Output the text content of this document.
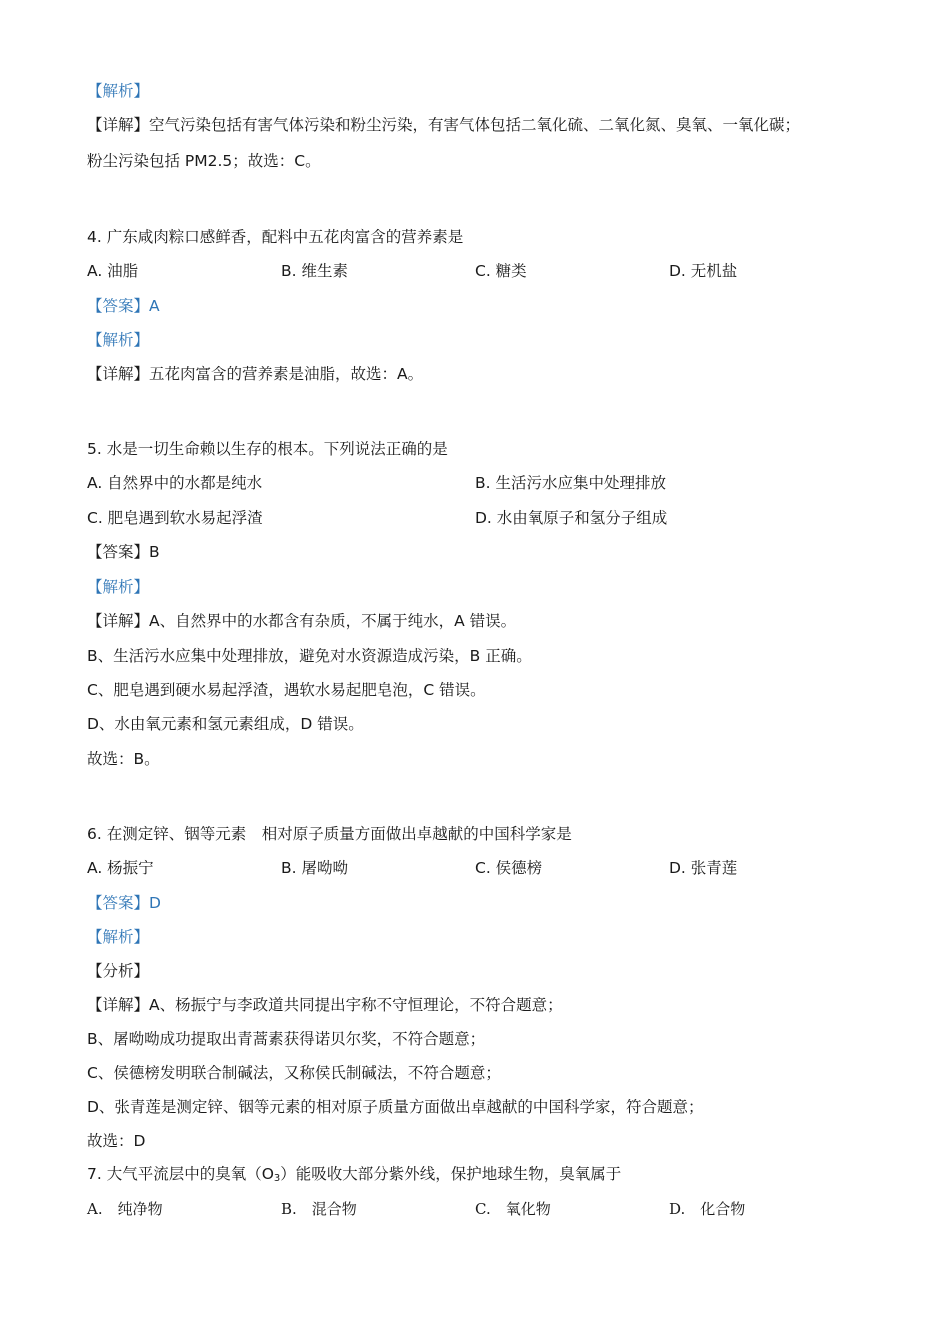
【解析】
【详解】空气污染包括有害气体污染和粉尘污染，有害气体包括二氧化硫、二氧化氮、臭氧、一氧化碳；
粉尘污染包括 PM2.5；故选：C。
4. 广东咸肉粽口感鲜香，配料中五花肉富含的营养素是
A. 油脂	B. 维生素	C. 糖类	D. 无机盐
【答案】A
【解析】
【详解】五花肉富含的营养素是油脂，故选：A。
5. 水是一切生命赖以生存的根本。下列说法正确的是
A. 自然界中的水都是纯水	B. 生活污水应集中处理排放
C. 肥皂遇到软水易起浮渣	D. 水由氧原子和氢分子组成
【答案】B
【解析】
【详解】A、自然界中的水都含有杂质，不属于纯水，A 错误。
B、生活污水应集中处理排放，避免对水资源造成污染，B 正确。
C、肥皂遇到硬水易起浮渣，遇软水易起肥皂泡，C 错误。
D、水由氧元素和氢元素组成，D 错误。
故选：B。
6. 在测定锌、铟等元素　相对原子质量方面做出卓越献的中国科学家是
A. 杨振宁	B. 屠呦呦	C. 侯德榜	D. 张青莲
【答案】D
【解析】
【分析】
【详解】A、杨振宁与李政道共同提出宇称不守恒理论，不符合题意；
B、屠呦呦成功提取出青蒿素获得诺贝尔奖，不符合题意；
C、侯德榜发明联合制碱法，又称侯氏制碱法，不符合题意；
D、张青莲是测定锌、铟等元素的相对原子质量方面做出卓越献的中国科学家，符合题意；
故选：D
7. 大气平流层中的臭氧$(O_3)$能吸收大部分紫外线，保护地球生物，臭氧属于
A.　纯净物	B.　混合物	C.　氧化物	D.　化合物
